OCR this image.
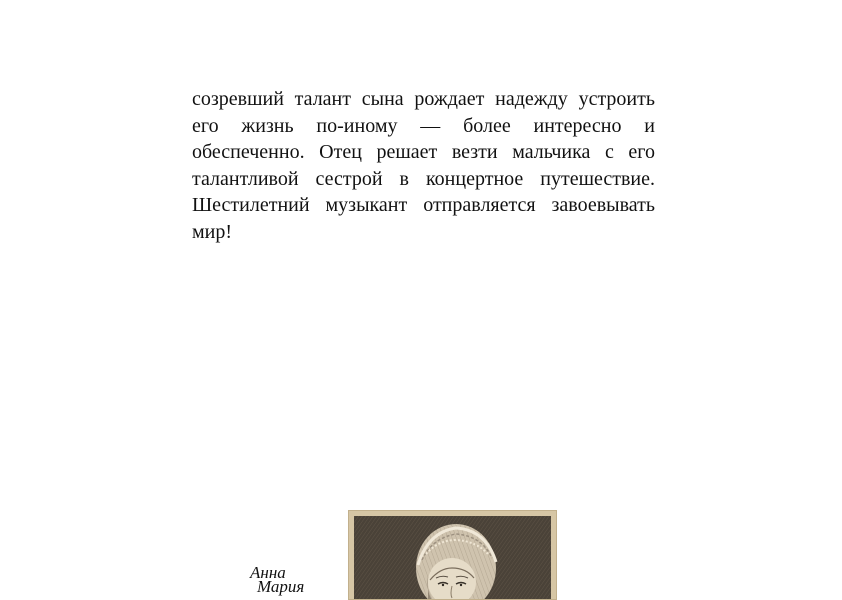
созревший талант сына рождает надежду устроить
его жизнь по-иному — более интересно и
обеспеченно. Отец решает везти мальчика с его
талантливой сестрой в концертное путешествие.
Шестилетний музыкант отправляется завоевывать
мир!
Анна
Мария
